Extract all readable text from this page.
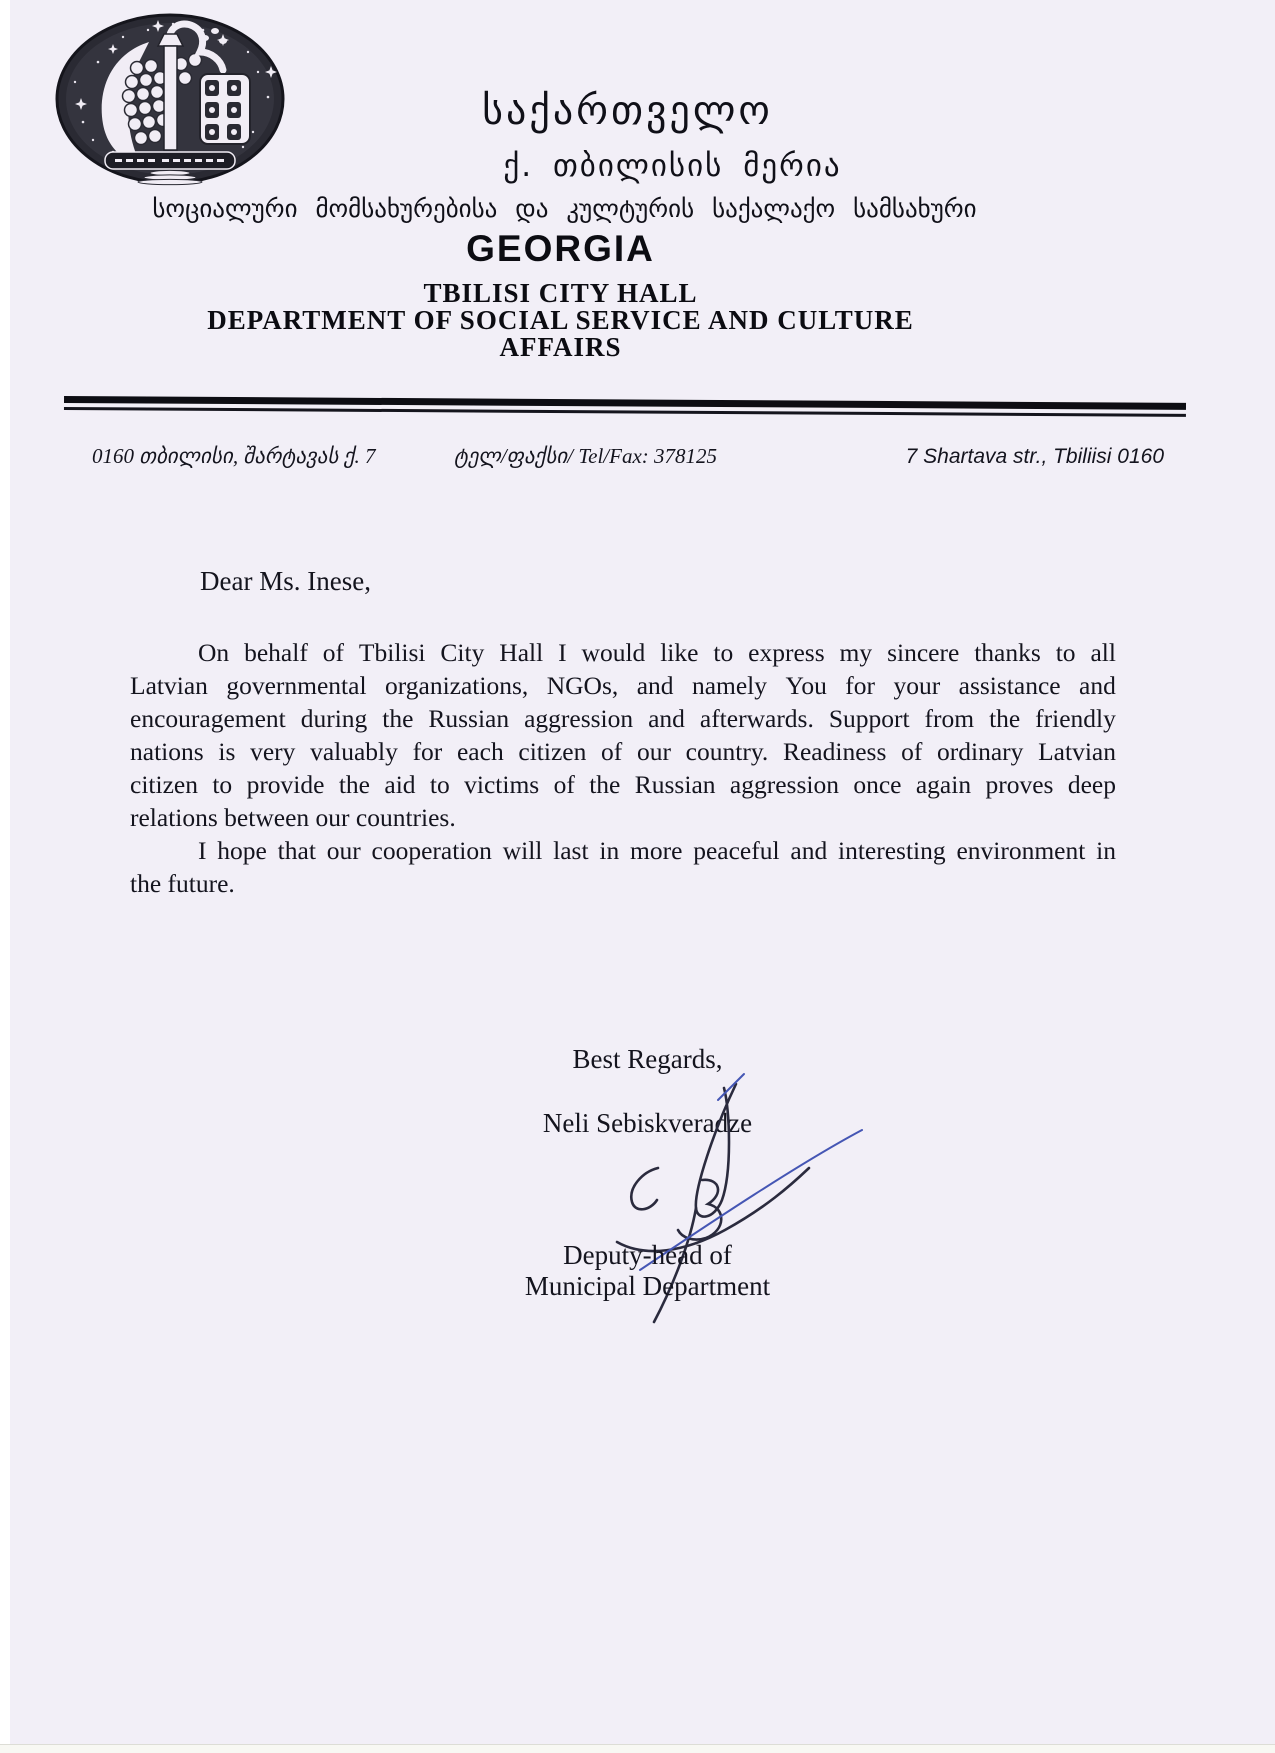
საქართველო
ქ. თბილისის მერია
სოციალური მომსახურებისა და კულტურის საქალაქო სამსახური
GEORGIA
TBILISI CITY HALL
DEPARTMENT OF SOCIAL SERVICE AND CULTURE
AFFAIRS
0160 თბილისი, შარტავას ქ. 7	ტელ/ფაქსი/ Tel/Fax: 378125	7 Shartava str., Tbiliisi 0160
Dear Ms. Inese,
On behalf of Tbilisi City Hall I would like to express my sincere thanks to all
Latvian governmental organizations, NGOs, and namely You for your assistance and
encouragement during the Russian aggression and afterwards. Support from the friendly
nations is very valuably for each citizen of our country. Readiness of ordinary Latvian
citizen to provide the aid to victims of the Russian aggression once again proves deep
relations between our countries.
I hope that our cooperation will last in more peaceful and interesting environment in
the future.
Best Regards,
Neli Sebiskveradze
Deputy-head of
Municipal Department
